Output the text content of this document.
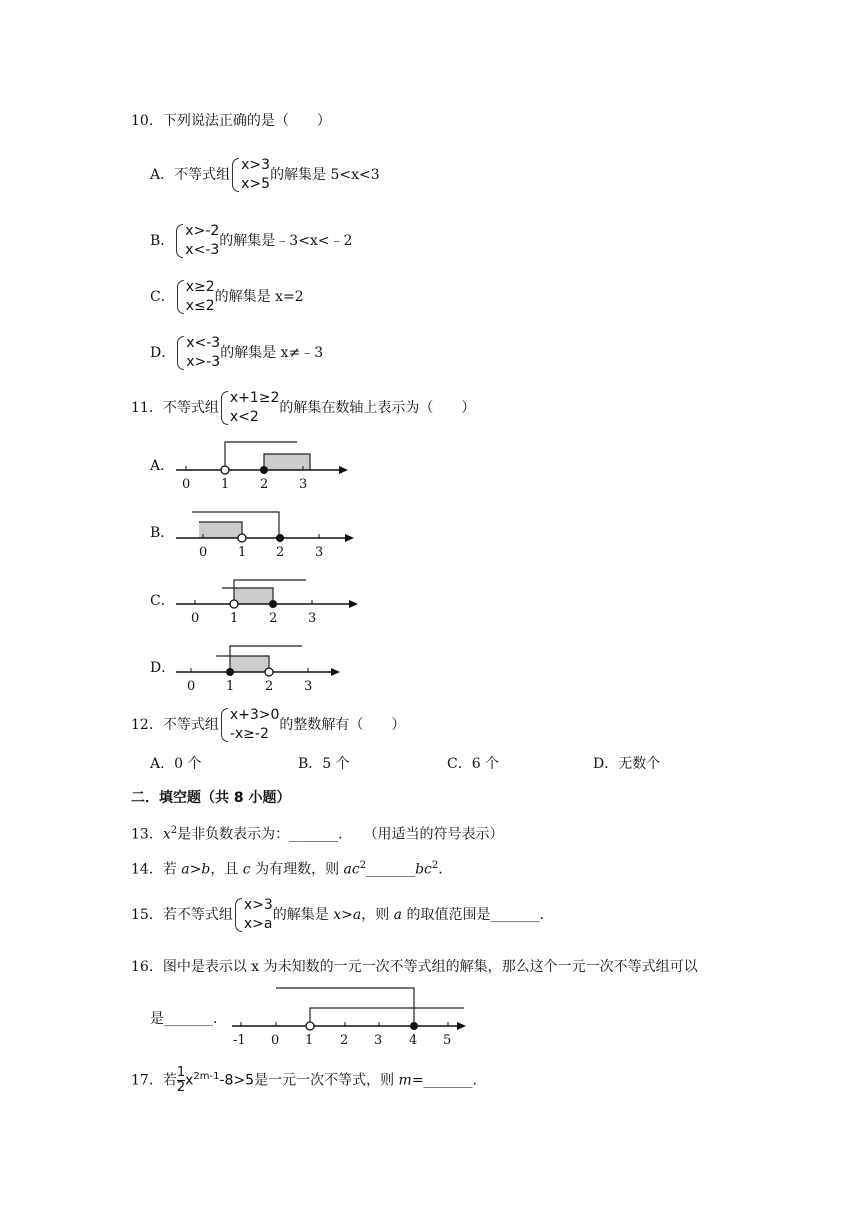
10．下列说法正确的是（　　）
A．不等式组
x>3
x>5
的解集是 5<x<3
B．
x>-2
x<-3
的解集是﹣3<x<﹣2
C．
x≥2
x≤2
的解集是 x=2
D．
x<-3
x>-3
的解集是 x≠﹣3
11．不等式组
x+1≥2
x<2
的解集在数轴上表示为（　　）
A．
0 1 2 3
B．
0 1 2 3
C．
0 1 2 3
D．
0 1 2 3
12．不等式组
x+3>0
-x≥-2
的整数解有（　　）
A．0 个	B．5 个	C．6 个	D．无数个
二．填空题（共 8 小题）
13．$x^2$是非负数表示为：_______.　　（用适当的符号表示）
14．若 a>b，且 c 为有理数，则 $ac^2\_\_\_\_\_\_\_bc^2$.
15．若不等式组
x>3
x>a
的解集是 x>a，则 a 的取值范围是_______.
16．图中是表示以 x 为未知数的一元一次不等式组的解集，那么这个一元一次不等式组可以
是_______.
-1 0 1 2 3 4 5
17．若 $\frac{1}{2} x^{2m-1}-8>5$是一元一次不等式，则 m=_______.
